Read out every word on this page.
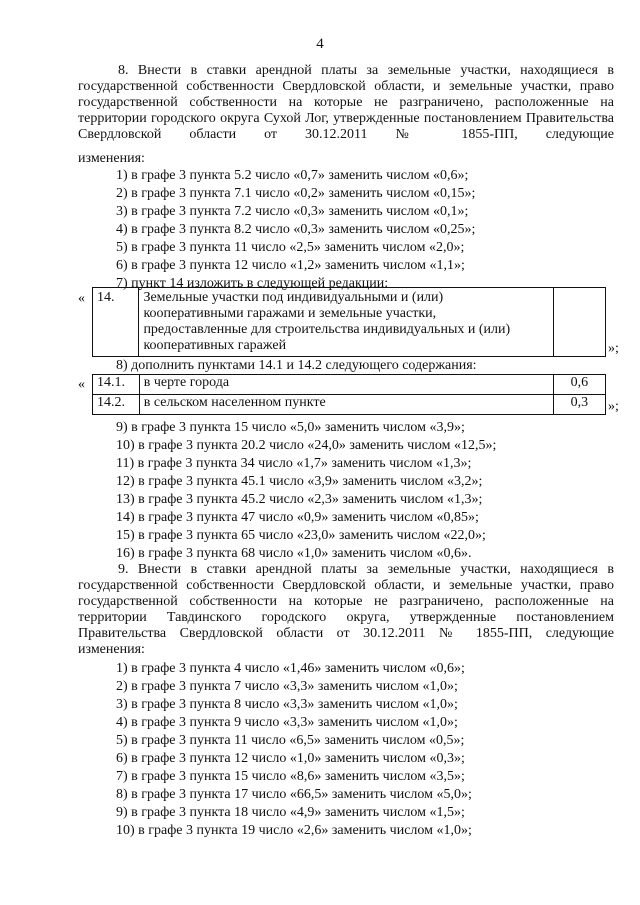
4
8. Внести в ставки арендной платы за земельные участки, находящиеся в государственной собственности Свердловской области, и земельные участки, право государственной собственности на которые не разграничено, расположенные на территории городского округа Сухой Лог, утвержденные постановлением Правительства Свердловской области от 30.12.2011 № 1855-ПП, следующие
изменения:
1) в графе 3 пункта 5.2 число «0,7» заменить числом «0,6»;
2) в графе 3 пункта 7.1 число «0,2» заменить числом «0,15»;
3) в графе 3 пункта 7.2 число «0,3» заменить числом «0,1»;
4) в графе 3 пункта 8.2 число «0,3» заменить числом «0,25»;
5) в графе 3 пункта 11 число «2,5» заменить числом «2,0»;
6) в графе 3 пункта 12 число «1,2» заменить числом «1,1»;
7) пункт 14 изложить в следующей редакции:
« 14.	Земельные участки под индивидуальными и (или)
кооперативными гаражами и земельные участки,
предоставленные для строительства индивидуальных и (или)
кооперативных гаражей
		»;
8) дополнить пунктами 14.1 и 14.2 следующего содержания:
« 14.1.	в черте города	0,6
14.2.	в сельском населенном пункте	0,3 »;
9) в графе 3 пункта 15 число «5,0» заменить числом «3,9»;
10) в графе 3 пункта 20.2 число «24,0» заменить числом «12,5»;
11) в графе 3 пункта 34 число «1,7» заменить числом «1,3»;
12) в графе 3 пункта 45.1 число «3,9» заменить числом «3,2»;
13) в графе 3 пункта 45.2 число «2,3» заменить числом «1,3»;
14) в графе 3 пункта 47 число «0,9» заменить числом «0,85»;
15) в графе 3 пункта 65 число «23,0» заменить числом «22,0»;
16) в графе 3 пункта 68 число «1,0» заменить числом «0,6».
9. Внести в ставки арендной платы за земельные участки, находящиеся в государственной собственности Свердловской области, и земельные участки, право государственной собственности на которые не разграничено, расположенные на территории Тавдинского городского округа, утвержденные постановлением Правительства Свердловской области от 30.12.2011 № 1855-ПП, следующие
изменения:
1) в графе 3 пункта 4 число «1,46» заменить числом «0,6»;
2) в графе 3 пункта 7 число «3,3» заменить числом «1,0»;
3) в графе 3 пункта 8 число «3,3» заменить числом «1,0»;
4) в графе 3 пункта 9 число «3,3» заменить числом «1,0»;
5) в графе 3 пункта 11 число «6,5» заменить числом «0,5»;
6) в графе 3 пункта 12 число «1,0» заменить числом «0,3»;
7) в графе 3 пункта 15 число «8,6» заменить числом «3,5»;
8) в графе 3 пункта 17 число «66,5» заменить числом «5,0»;
9) в графе 3 пункта 18 число «4,9» заменить числом «1,5»;
10) в графе 3 пункта 19 число «2,6» заменить числом «1,0»;
